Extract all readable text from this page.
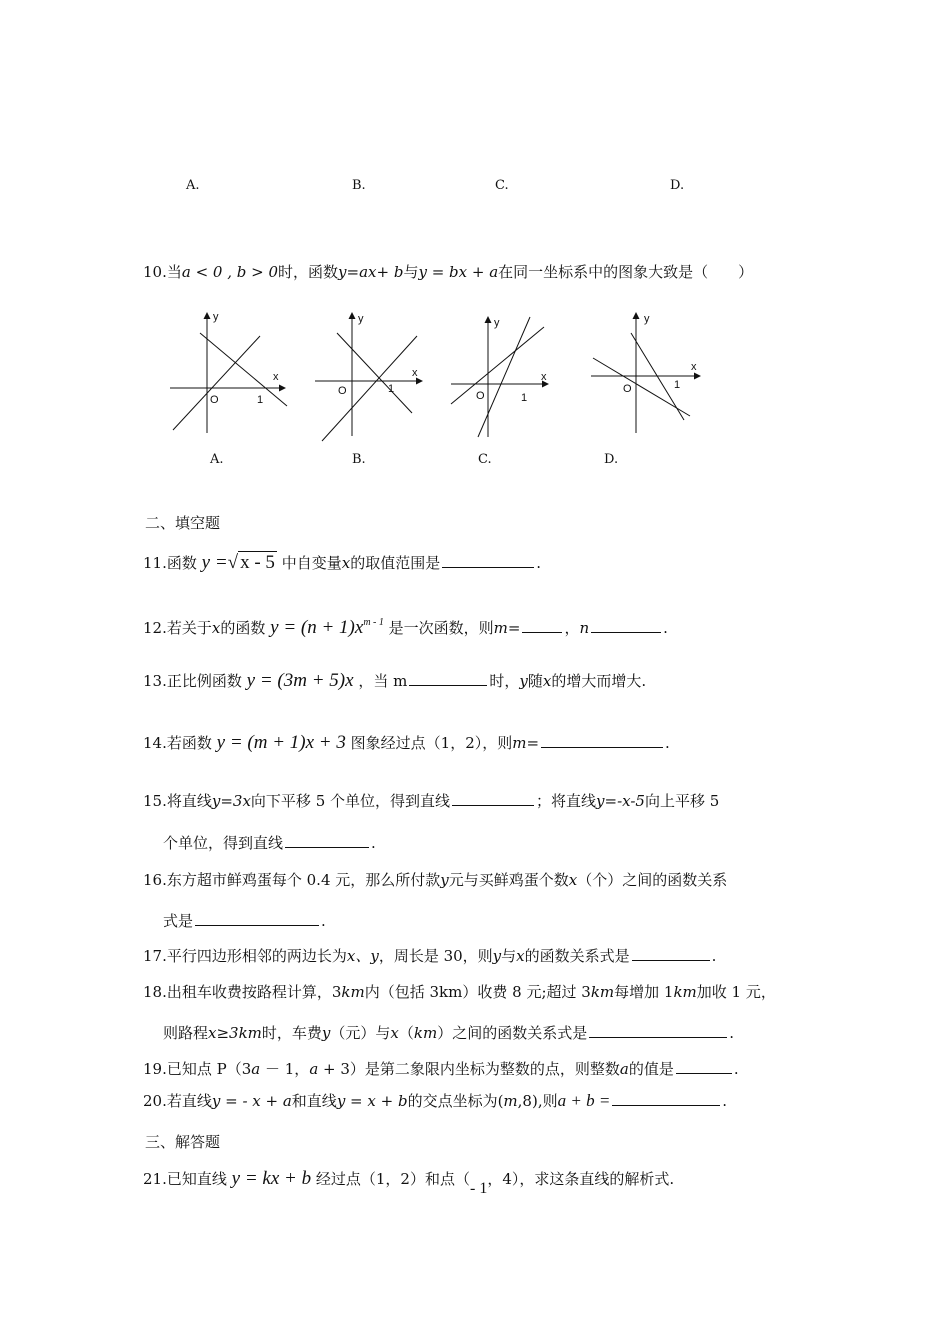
A.	B.	C.	D.
10.当a < 0 , b > 0时，函数y=ax+ b与y = bx + a在同一坐标系中的图象大致是（　　）
y
x
O	1
y
x
O	1
y
x
O	1
y
x
O	1
A.	B.	C.	D.
二、填空题
11.函数 y =√ x - 5 中自变量x的取值范围是	.
12.若关于x的函数 $y = (n + 1)x^{m - 1}$ 是一次函数，则m=	，n	.
13.正比例函数 y = (3m + 5)x ，当 m	时，y随x的增大而增大.
14.若函数 y = (m + 1)x + 3 图象经过点（1，2），则m=	.
15.将直线y=3x向下平移 5 个单位，得到直线	；将直线y=-x-5向上平移 5
个单位，得到直线	.
16.东方超市鲜鸡蛋每个 0.4 元，那么所付款y元与买鲜鸡蛋个数x（个）之间的函数关系
式是	.
17.平行四边形相邻的两边长为x、y，周长是 30，则y与x的函数关系式是	.
18.出租车收费按路程计算，3km内（包括 3km）收费 8 元;超过 3km每增加 1km加收 1 元，
则路程x≥3km时，车费y（元）与x（km）之间的函数关系式是	.
19.已知点 P（3a － 1，a + 3）是第二象限内坐标为整数的点，则整数a的值是	.
20.若直线y = - x + a和直线y = x + b的交点坐标为(m,8),则a + b =	.
三、解答题
21.已知直线 y = kx + b 经过点（1，2）和点（- 1，4），求这条直线的解析式.
